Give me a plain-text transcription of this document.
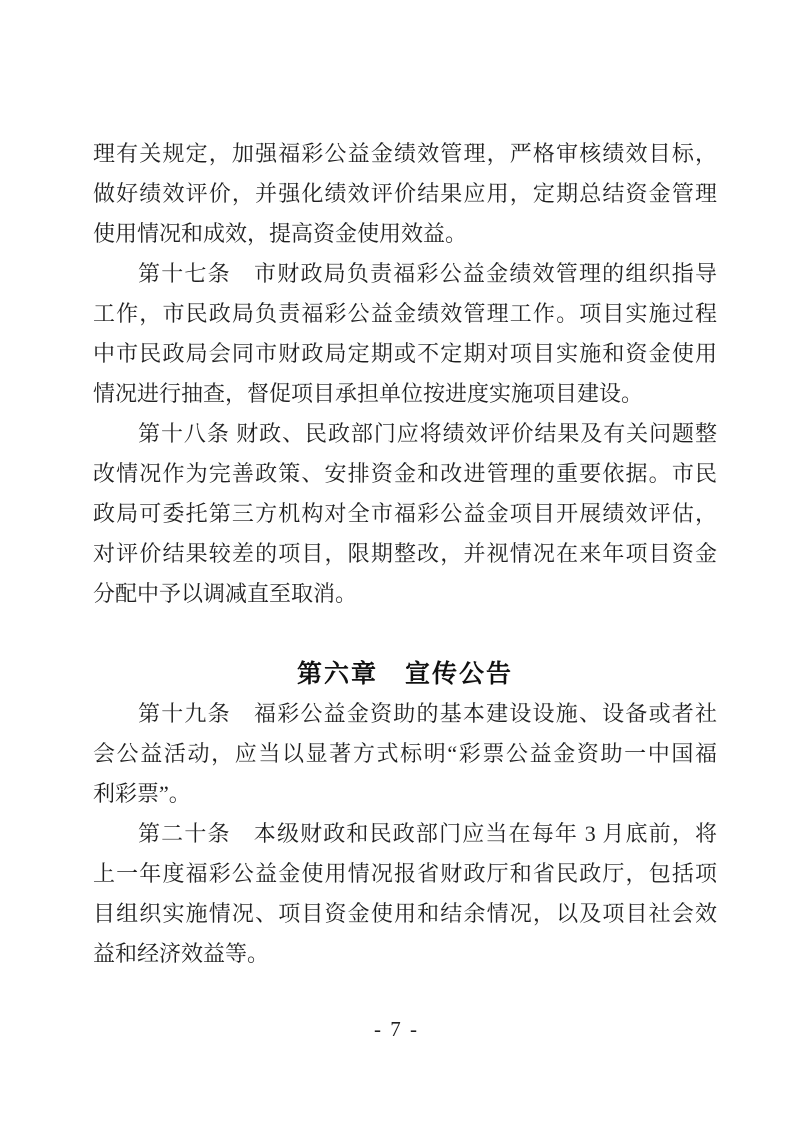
理有关规定，加强福彩公益金绩效管理，严格审核绩效目标，
做好绩效评价，并强化绩效评价结果应用，定期总结资金管理
使用情况和成效，提高资金使用效益。
第十七条　市财政局负责福彩公益金绩效管理的组织指导
工作，市民政局负责福彩公益金绩效管理工作。项目实施过程
中市民政局会同市财政局定期或不定期对项目实施和资金使用
情况进行抽查，督促项目承担单位按进度实施项目建设。
第十八条 财政、民政部门应将绩效评价结果及有关问题整
改情况作为完善政策、安排资金和改进管理的重要依据。市民
政局可委托第三方机构对全市福彩公益金项目开展绩效评估，
对评价结果较差的项目，限期整改，并视情况在来年项目资金
分配中予以调减直至取消。
第六章　宣传公告
第十九条　福彩公益金资助的基本建设设施、设备或者社
会公益活动，应当以显著方式标明“彩票公益金资助一中国福
利彩票”。
第二十条　本级财政和民政部门应当在每年 3 月底前，将
上一年度福彩公益金使用情况报省财政厅和省民政厅，包括项
目组织实施情况、项目资金使用和结余情况，以及项目社会效
益和经济效益等。
- 7 -
